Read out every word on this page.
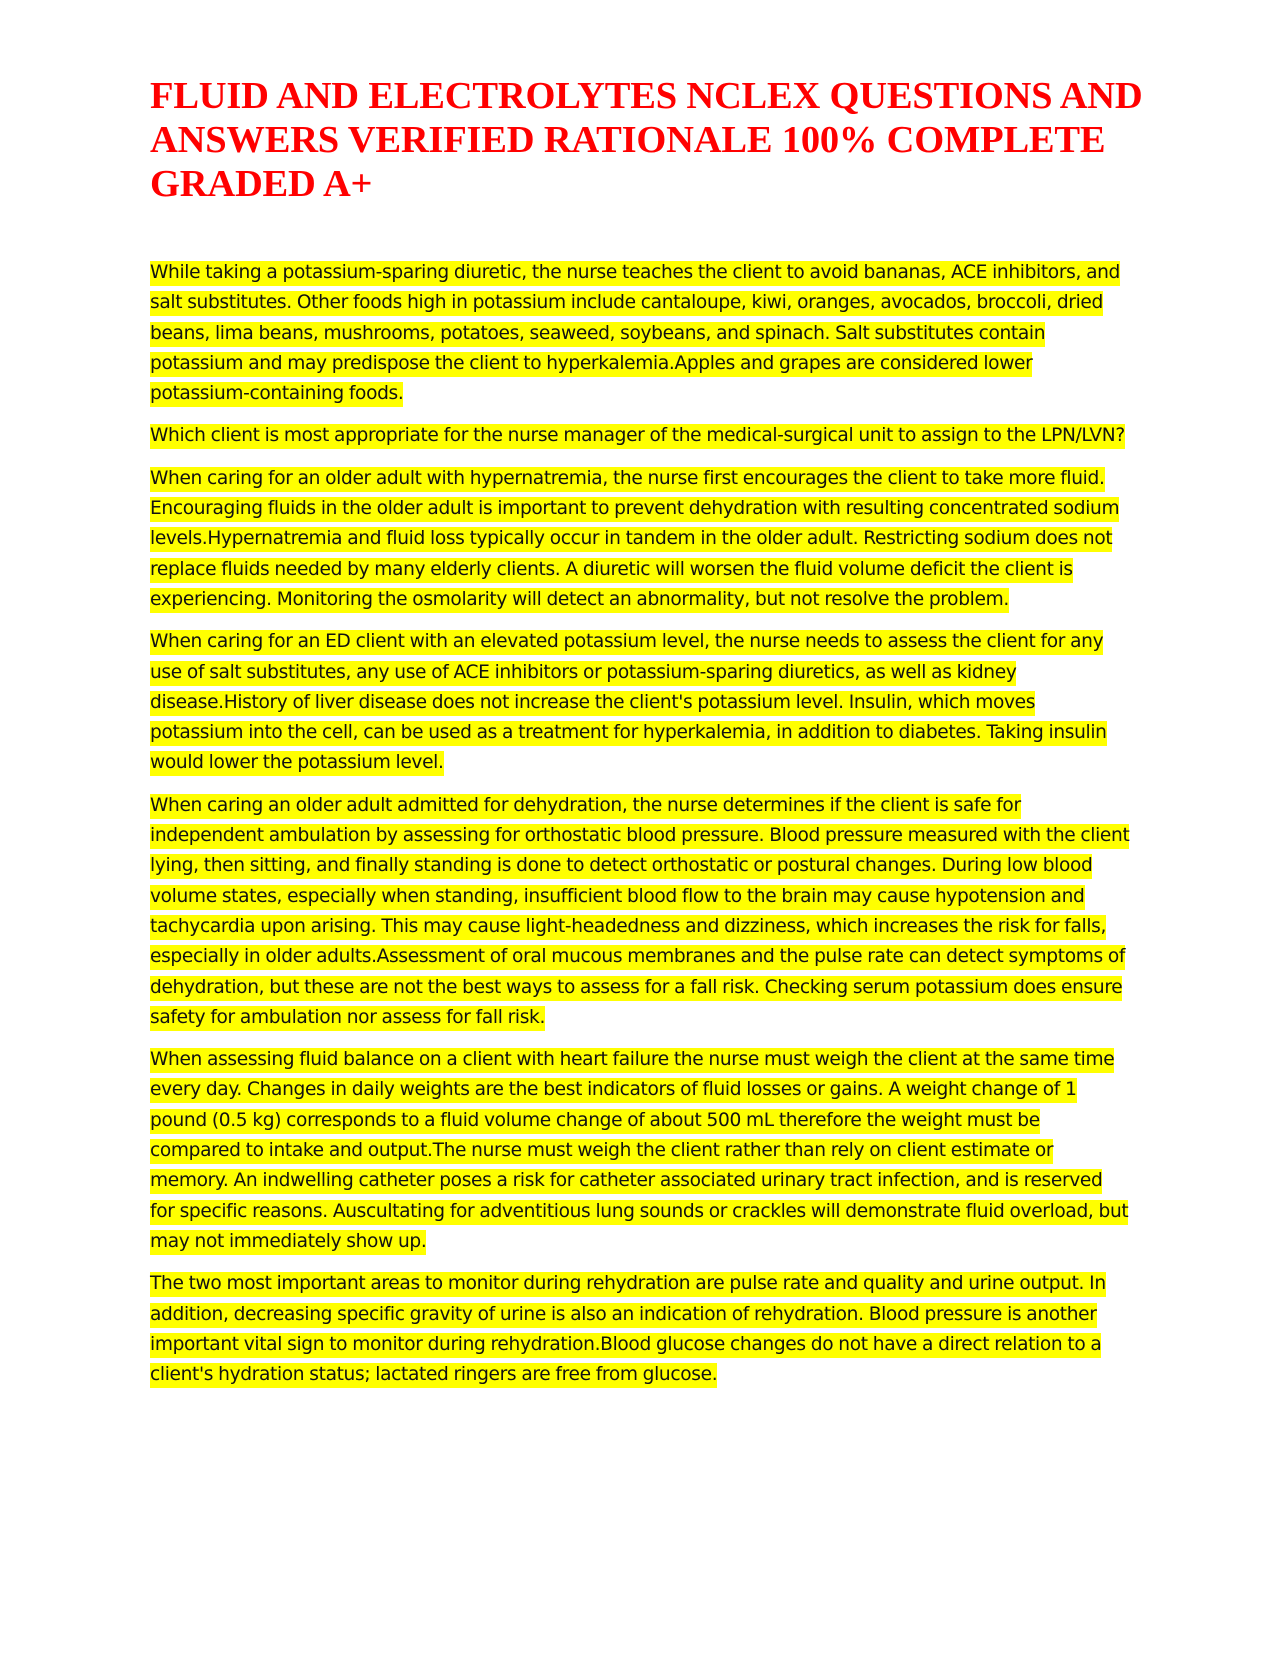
FLUID AND ELECTROLYTES NCLEX QUESTIONS AND ANSWERS VERIFIED RATIONALE 100% COMPLETE GRADED A+

While taking a potassium-sparing diuretic, the nurse teaches the client to avoid bananas, ACE inhibitors, and salt substitutes. Other foods high in potassium include cantaloupe, kiwi, oranges, avocados, broccoli, dried beans, lima beans, mushrooms, potatoes, seaweed, soybeans, and spinach. Salt substitutes contain potassium and may predispose the client to hyperkalemia.Apples and grapes are considered lower potassium-containing foods.

Which client is most appropriate for the nurse manager of the medical-surgical unit to assign to the LPN/LVN?

When caring for an older adult with hypernatremia, the nurse first encourages the client to take more fluid. Encouraging fluids in the older adult is important to prevent dehydration with resulting concentrated sodium levels.Hypernatremia and fluid loss typically occur in tandem in the older adult. Restricting sodium does not replace fluids needed by many elderly clients. A diuretic will worsen the fluid volume deficit the client is experiencing. Monitoring the osmolarity will detect an abnormality, but not resolve the problem.

When caring for an ED client with an elevated potassium level, the nurse needs to assess the client for any use of salt substitutes, any use of ACE inhibitors or potassium-sparing diuretics, as well as kidney disease.History of liver disease does not increase the client's potassium level. Insulin, which moves potassium into the cell, can be used as a treatment for hyperkalemia, in addition to diabetes. Taking insulin would lower the potassium level.

When caring an older adult admitted for dehydration, the nurse determines if the client is safe for independent ambulation by assessing for orthostatic blood pressure. Blood pressure measured with the client lying, then sitting, and finally standing is done to detect orthostatic or postural changes. During low blood volume states, especially when standing, insufficient blood flow to the brain may cause hypotension and tachycardia upon arising. This may cause light-headedness and dizziness, which increases the risk for falls, especially in older adults.Assessment of oral mucous membranes and the pulse rate can detect symptoms of dehydration, but these are not the best ways to assess for a fall risk. Checking serum potassium does ensure safety for ambulation nor assess for fall risk.

When assessing fluid balance on a client with heart failure the nurse must weigh the client at the same time every day. Changes in daily weights are the best indicators of fluid losses or gains. A weight change of 1 pound (0.5 kg) corresponds to a fluid volume change of about 500 mL therefore the weight must be compared to intake and output.The nurse must weigh the client rather than rely on client estimate or memory. An indwelling catheter poses a risk for catheter associated urinary tract infection, and is reserved for specific reasons. Auscultating for adventitious lung sounds or crackles will demonstrate fluid overload, but may not immediately show up.

The two most important areas to monitor during rehydration are pulse rate and quality and urine output. In addition, decreasing specific gravity of urine is also an indication of rehydration. Blood pressure is another important vital sign to monitor during rehydration.Blood glucose changes do not have a direct relation to a client's hydration status; lactated ringers are free from glucose.
